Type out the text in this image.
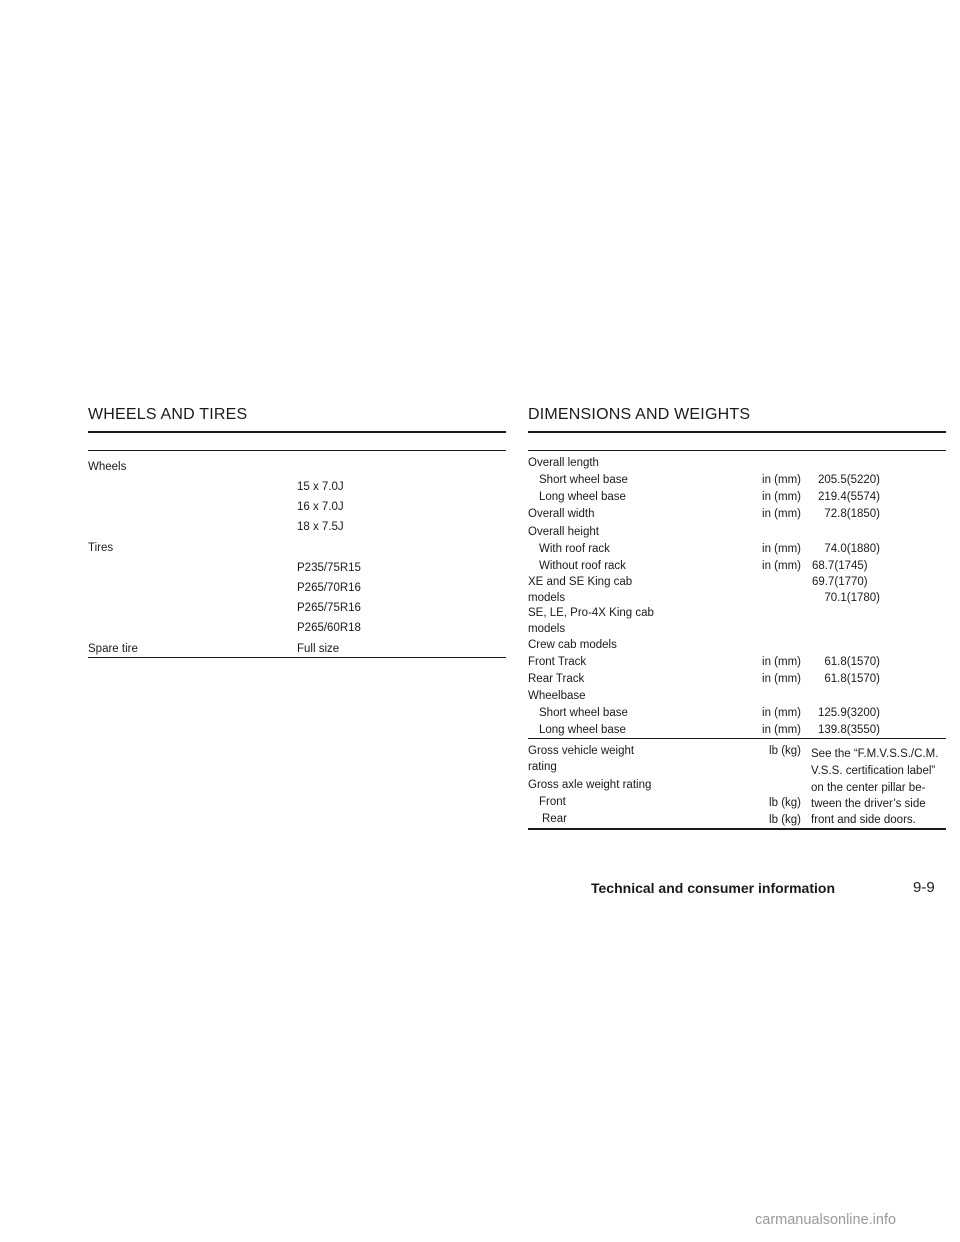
WHEELS AND TIRES
Wheels
15 x 7.0J
16 x 7.0J
18 x 7.5J
Tires
P235/75R15
P265/70R16
P265/75R16
P265/60R18
Spare tire	Full size
DIMENSIONS AND WEIGHTS
Overall length
Short wheel base
Long wheel base
Overall width
Overall height
With roof rack
Without roof rack
XE and SE King cab
models
SE, LE, Pro-4X King cab
models
Crew cab models
Front Track
Rear Track
Wheelbase
Short wheel base
Long wheel base
in (mm)
in (mm)
in (mm)
in (mm)
in (mm)
in (mm)
in (mm)
in (mm)
in (mm)
205.5(5220)
219.4(5574)
72.8(1850)
74.0(1880)
68.7(1745)
69.7(1770)
70.1(1780)
61.8(1570)
61.8(1570)
125.9(3200)
139.8(3550)
Gross vehicle weight
rating
Gross axle weight rating
Front
Rear
lb (kg)
lb (kg)
lb (kg)
See the “F.M.V.S.S./C.M.
V.S.S. certification label”
on the center pillar be-
tween the driver’s side
front and side doors.
Technical and consumer information	9-9
carmanualsonline.info
